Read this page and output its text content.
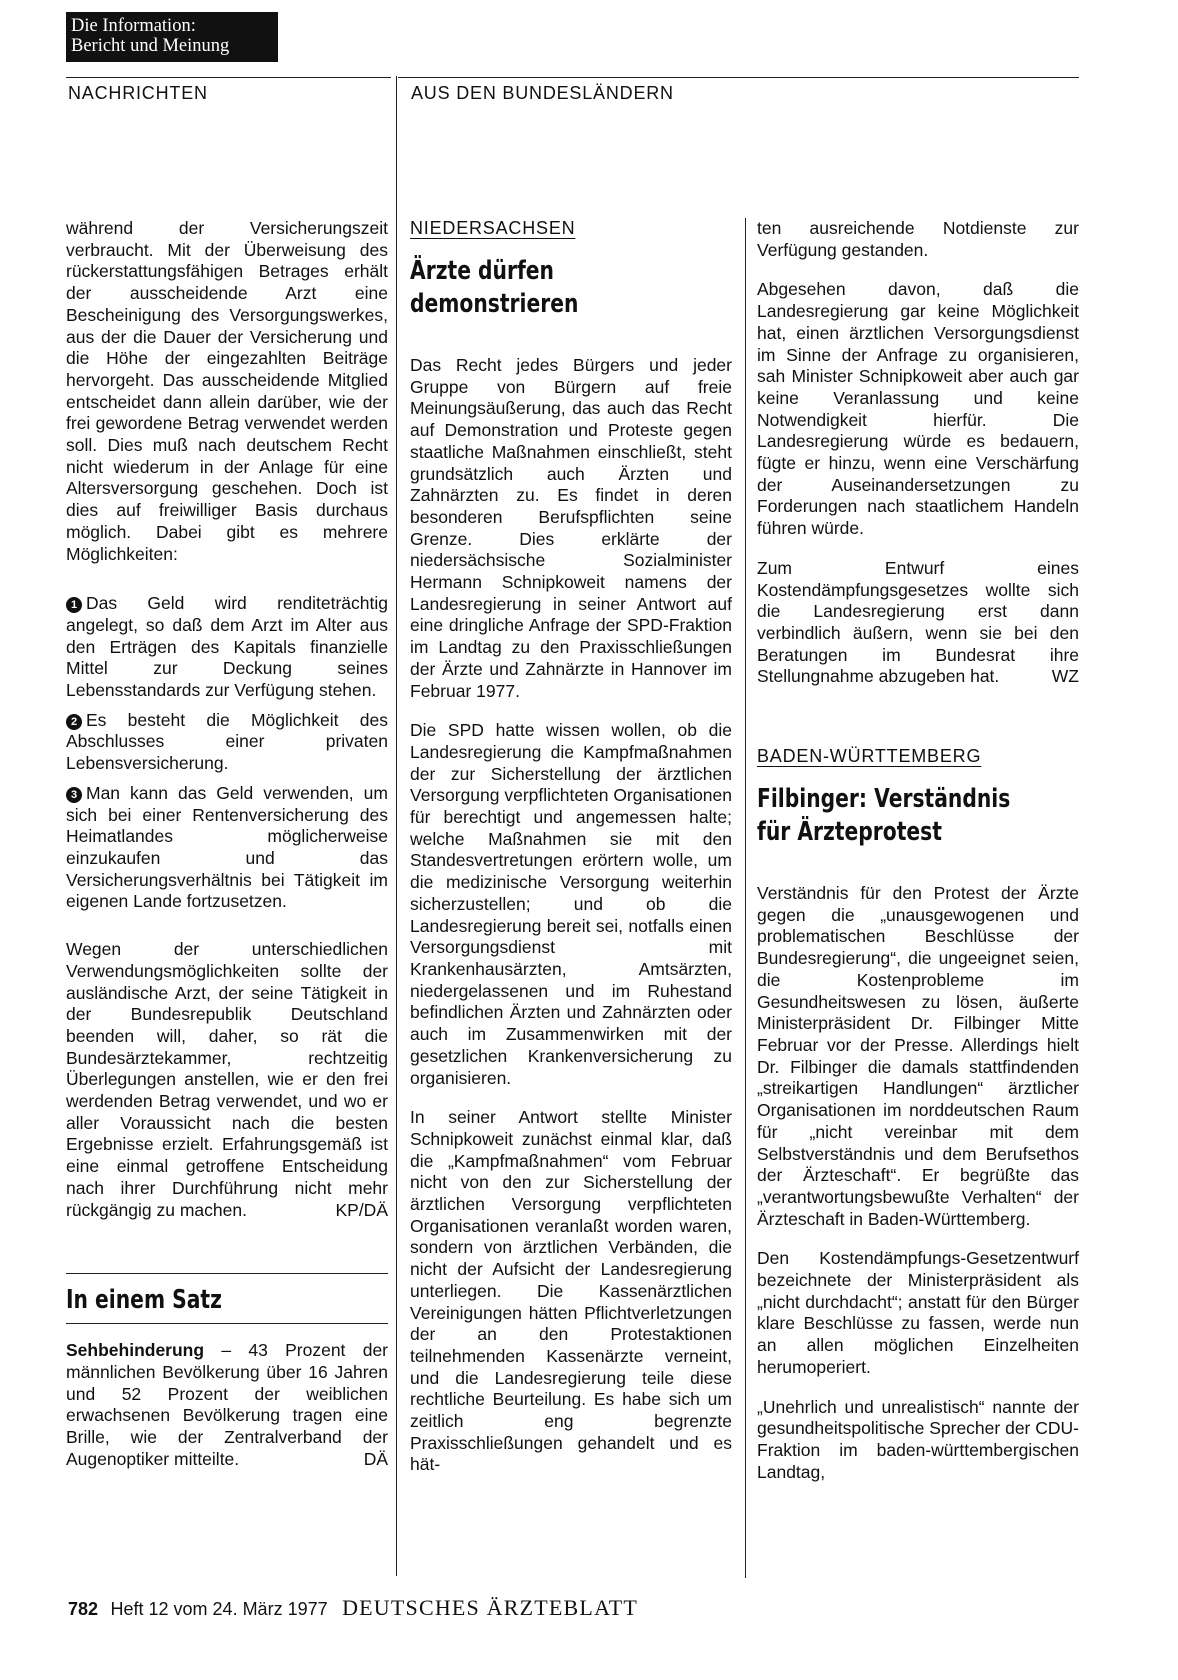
Die Information:
Bericht und Meinung
NACHRICHTEN	AUS DEN BUNDESLÄNDERN

während der Versicherungszeit verbraucht. Mit der Überweisung des rückerstattungsfähigen Betrages erhält der ausscheidende Arzt eine Bescheinigung des Versorgungswerkes, aus der die Dauer der Versicherung und die Höhe der eingezahlten Beiträge hervorgeht. Das ausscheidende Mitglied entscheidet dann allein darüber, wie der frei gewordene Betrag verwendet werden soll. Dies muß nach deutschem Recht nicht wiederum in der Anlage für eine Altersversorgung geschehen. Doch ist dies auf freiwilliger Basis durchaus möglich. Dabei gibt es mehrere Möglichkeiten:

1 Das Geld wird renditeträchtig angelegt, so daß dem Arzt im Alter aus den Erträgen des Kapitals finanzielle Mittel zur Deckung seines Lebensstandards zur Verfügung stehen.

2 Es besteht die Möglichkeit des Abschlusses einer privaten Lebensversicherung.

3 Man kann das Geld verwenden, um sich bei einer Rentenversicherung des Heimatlandes möglicherweise einzukaufen und das Versicherungsverhältnis bei Tätigkeit im eigenen Lande fortzusetzen.

Wegen der unterschiedlichen Verwendungsmöglichkeiten sollte der ausländische Arzt, der seine Tätigkeit in der Bundesrepublik Deutschland beenden will, daher, so rät die Bundesärztekammer, rechtzeitig Überlegungen anstellen, wie er den frei werdenden Betrag verwendet, und wo er aller Voraussicht nach die besten Ergebnisse erzielt. Erfahrungsgemäß ist eine einmal getroffene Entscheidung nach ihrer Durchführung nicht mehr rückgängig zu machen.	KP/DÄ

In einem Satz

Sehbehinderung – 43 Prozent der männlichen Bevölkerung über 16 Jahren und 52 Prozent der weiblichen erwachsenen Bevölkerung tragen eine Brille, wie der Zentralverband der Augenoptiker mitteilte.	DÄ

NIEDERSACHSEN
Ärzte dürfen
demonstrieren

Das Recht jedes Bürgers und jeder Gruppe von Bürgern auf freie Meinungsäußerung, das auch das Recht auf Demonstration und Proteste gegen staatliche Maßnahmen einschließt, steht grundsätzlich auch Ärzten und Zahnärzten zu. Es findet in deren besonderen Berufspflichten seine Grenze. Dies erklärte der niedersächsische Sozialminister Hermann Schnipkoweit namens der Landesregierung in seiner Antwort auf eine dringliche Anfrage der SPD-Fraktion im Landtag zu den Praxisschließungen der Ärzte und Zahnärzte in Hannover im Februar 1977.

Die SPD hatte wissen wollen, ob die Landesregierung die Kampfmaßnahmen der zur Sicherstellung der ärztlichen Versorgung verpflichteten Organisationen für berechtigt und angemessen halte; welche Maßnahmen sie mit den Standesvertretungen erörtern wolle, um die medizinische Versorgung weiterhin sicherzustellen; und ob die Landesregierung bereit sei, notfalls einen Versorgungsdienst mit Krankenhausärzten, Amtsärzten, niedergelassenen und im Ruhestand befindlichen Ärzten und Zahnärzten oder auch im Zusammenwirken mit der gesetzlichen Krankenversicherung zu organisieren.

In seiner Antwort stellte Minister Schnipkoweit zunächst einmal klar, daß die „Kampfmaßnahmen“ vom Februar nicht von den zur Sicherstellung der ärztlichen Versorgung verpflichteten Organisationen veranlaßt worden waren, sondern von ärztlichen Verbänden, die nicht der Aufsicht der Landesregierung unterliegen. Die Kassenärztlichen Vereinigungen hätten Pflichtverletzungen der an den Protestaktionen teilnehmenden Kassenärzte verneint, und die Landesregierung teile diese rechtliche Beurteilung. Es habe sich um zeitlich eng begrenzte Praxisschließungen gehandelt und es hät-

ten ausreichende Notdienste zur Verfügung gestanden.

Abgesehen davon, daß die Landesregierung gar keine Möglichkeit hat, einen ärztlichen Versorgungsdienst im Sinne der Anfrage zu organisieren, sah Minister Schnipkoweit aber auch gar keine Veranlassung und keine Notwendigkeit hierfür. Die Landesregierung würde es bedauern, fügte er hinzu, wenn eine Verschärfung der Auseinandersetzungen zu Forderungen nach staatlichem Handeln führen würde.

Zum Entwurf eines Kostendämpfungsgesetzes wollte sich die Landesregierung erst dann verbindlich äußern, wenn sie bei den Beratungen im Bundesrat ihre Stellungnahme abzugeben hat.	WZ

BADEN-WÜRTTEMBERG
Filbinger: Verständnis
für Ärzteprotest

Verständnis für den Protest der Ärzte gegen die „unausgewogenen und problematischen Beschlüsse der Bundesregierung“, die ungeeignet seien, die Kostenprobleme im Gesundheitswesen zu lösen, äußerte Ministerpräsident Dr. Filbinger Mitte Februar vor der Presse. Allerdings hielt Dr. Filbinger die damals stattfindenden „streikartigen Handlungen“ ärztlicher Organisationen im norddeutschen Raum für „nicht vereinbar mit dem Selbstverständnis und dem Berufsethos der Ärzteschaft“. Er begrüßte das „verantwortungsbewußte Verhalten“ der Ärzteschaft in Baden-Württemberg.

Den Kostendämpfungs-Gesetzentwurf bezeichnete der Ministerpräsident als „nicht durchdacht“; anstatt für den Bürger klare Beschlüsse zu fassen, werde nun an allen möglichen Einzelheiten herumoperiert.

„Unehrlich und unrealistisch“ nannte der gesundheitspolitische Sprecher der CDU-Fraktion im baden-württembergischen Landtag,

782 Heft 12 vom 24. März 1977 DEUTSCHES ÄRZTEBLATT
